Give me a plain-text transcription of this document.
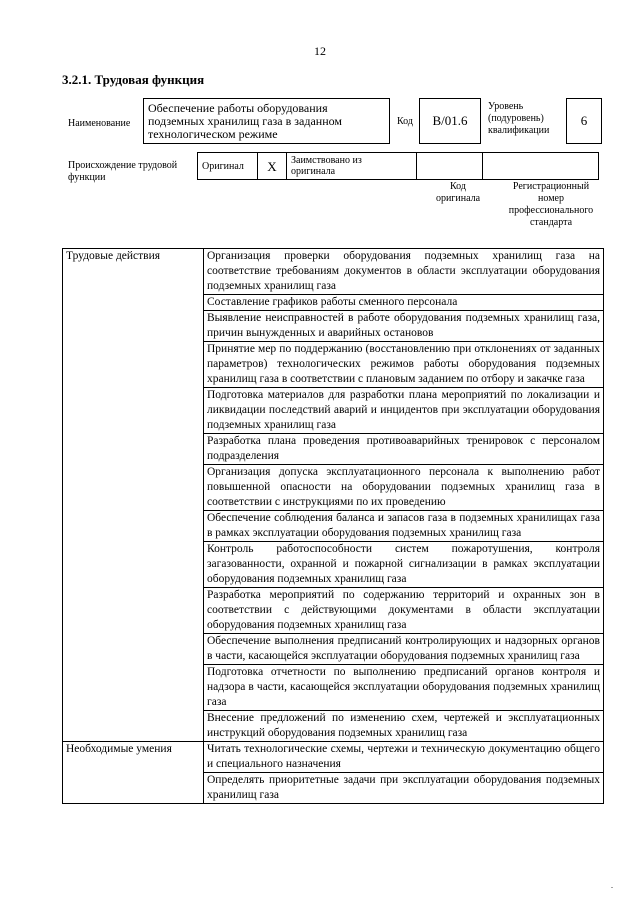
12
3.2.1. Трудовая функция
Наименование
Обеспечение работы оборудования подземных хранилищ газа в заданном технологическом режиме
Код	B/01.6
Уровень
(подуровень)
квалификации
6
Происхождение трудовой
функции
Оригинал	X	Заимствовано из
оригинала

Код
оригинала
Регистрационный
номер
профессионального
стандарта
Трудовые действия	Организация проверки оборудования подземных хранилищ газа на соответствие требованиям документов в области эксплуатации оборудования подземных хранилищ газа
	Составление графиков работы сменного персонала
	Выявление неисправностей в работе оборудования подземных хранилищ газа, причин вынужденных и аварийных остановов
	Принятие мер по поддержанию (восстановлению при отклонениях от заданных параметров) технологических режимов работы оборудования подземных хранилищ газа в соответствии с плановым заданием по отбору и закачке газа
	Подготовка материалов для разработки плана мероприятий по локализации и ликвидации последствий аварий и инцидентов при эксплуатации оборудования подземных хранилищ газа
	Разработка плана проведения противоаварийных тренировок с персоналом подразделения
	Организация допуска эксплуатационного персонала к выполнению работ повышенной опасности на оборудовании подземных хранилищ газа в соответствии с инструкциями по их проведению
	Обеспечение соблюдения баланса и запасов газа в подземных хранилищах газа в рамках эксплуатации оборудования подземных хранилищ газа
	Контроль работоспособности систем пожаротушения, контроля загазованности, охранной и пожарной сигнализации в рамках эксплуатации оборудования подземных хранилищ газа
	Разработка мероприятий по содержанию территорий и охранных зон в соответствии с действующими документами в области эксплуатации оборудования подземных хранилищ газа
	Обеспечение выполнения предписаний контролирующих и надзорных органов в части, касающейся эксплуатации оборудования подземных хранилищ газа
	Подготовка отчетности по выполнению предписаний органов контроля и надзора в части, касающейся эксплуатации оборудования подземных хранилищ газа
	Внесение предложений по изменению схем, чертежей и эксплуатационных инструкций оборудования подземных хранилищ газа
Необходимые умения	Читать технологические схемы, чертежи и техническую документацию общего и специального назначения
	Определять приоритетные задачи при эксплуатации оборудования подземных хранилищ газа
.
